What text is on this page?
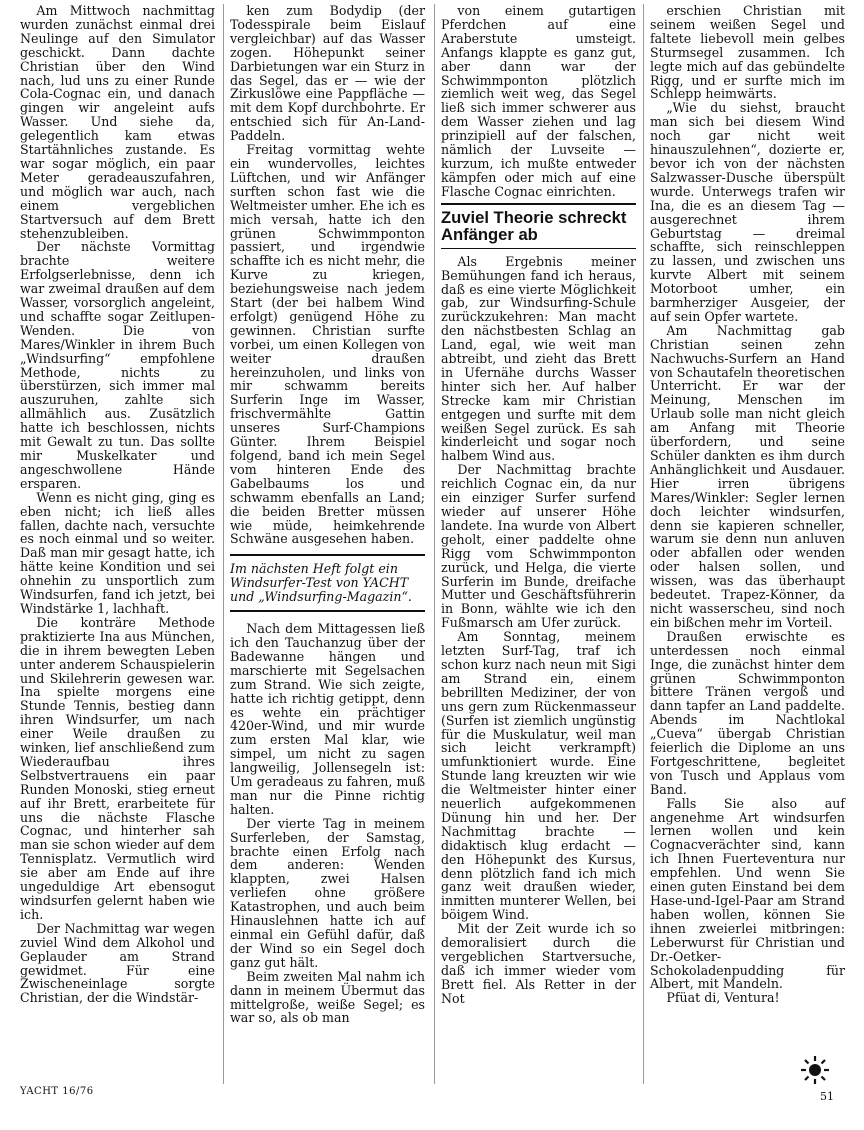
Am Mittwoch nachmittag wurden zunächst einmal drei Neulinge auf den Simulator geschickt. Dann dachte Christian über den Wind nach, lud uns zu einer Runde Cola-Cognac ein, und danach gingen wir angeleint aufs Wasser. Und siehe da, gelegentlich kam etwas Startähnliches zustande. Es war sogar möglich, ein paar Meter geradeauszufahren, und möglich war auch, nach einem vergeblichen Startversuch auf dem Brett stehenzubleiben.

Der nächste Vormittag brachte weitere Erfolgserlebnisse, denn ich war zweimal draußen auf dem Wasser, vorsorglich angeleint, und schaffte sogar Zeitlupen-Wenden. Die von Mares/Winkler in ihrem Buch „Windsurfing“ empfohlene Methode, nichts zu überstürzen, sich immer mal auszuruhen, zahlte sich allmählich aus. Zusätzlich hatte ich beschlossen, nichts mit Gewalt zu tun. Das sollte mir Muskelkater und angeschwollene Hände ersparen.

Wenn es nicht ging, ging es eben nicht; ich ließ alles fallen, dachte nach, versuchte es noch einmal und so weiter. Daß man mir gesagt hatte, ich hätte keine Kondition und sei ohnehin zu unsportlich zum Windsurfen, fand ich jetzt, bei Windstärke 1, lachhaft.

Die konträre Methode praktizierte Ina aus München, die in ihrem bewegten Leben unter anderem Schauspielerin und Skilehrerin gewesen war. Ina spielte morgens eine Stunde Tennis, bestieg dann ihren Windsurfer, um nach einer Weile draußen zu winken, lief anschließend zum Wiederaufbau ihres Selbstvertrauens ein paar Runden Monoski, stieg erneut auf ihr Brett, erarbeitete für uns die nächste Flasche Cognac, und hinterher sah man sie schon wieder auf dem Tennisplatz. Vermutlich wird sie aber am Ende auf ihre ungeduldige Art ebensogut windsurfen gelernt haben wie ich.

Der Nachmittag war wegen zuviel Wind dem Alkohol und Geplauder am Strand gewidmet. Für eine Zwischeneinlage sorgte Christian, der die Windstär-

ken zum Bodydip (der Todesspirale beim Eislauf vergleichbar) auf das Wasser zogen. Höhepunkt seiner Darbietungen war ein Sturz in das Segel, das er — wie der Zirkuslöwe eine Pappfläche — mit dem Kopf durchbohrte. Er entschied sich für An-Land-Paddeln.

Freitag vormittag wehte ein wundervolles, leichtes Lüftchen, und wir Anfänger surften schon fast wie die Weltmeister umher. Ehe ich es mich versah, hatte ich den grünen Schwimmponton passiert, und irgendwie schaffte ich es nicht mehr, die Kurve zu kriegen, beziehungsweise nach jedem Start (der bei halbem Wind erfolgt) genügend Höhe zu gewinnen. Christian surfte vorbei, um einen Kollegen von weiter draußen hereinzuholen, und links von mir schwamm bereits Surferin Inge im Wasser, frischvermählte Gattin unseres Surf-Champions Günter. Ihrem Beispiel folgend, band ich mein Segel vom hinteren Ende des Gabelbaums los und schwamm ebenfalls an Land; die beiden Bretter müssen wie müde, heimkehrende Schwäne ausgesehen haben.

Im nächsten Heft folgt ein Windsurfer-Test von YACHT und „Windsurfing-Magazin“.

Nach dem Mittagessen ließ ich den Tauchanzug über der Badewanne hängen und marschierte mit Segelsachen zum Strand. Wie sich zeigte, hatte ich richtig getippt, denn es wehte ein prächtiger 420er-Wind, und mir wurde zum ersten Mal klar, wie simpel, um nicht zu sagen langweilig, Jollensegeln ist: Um geradeaus zu fahren, muß man nur die Pinne richtig halten.

Der vierte Tag in meinem Surferleben, der Samstag, brachte einen Erfolg nach dem anderen: Wenden klappten, zwei Halsen verliefen ohne größere Katastrophen, und auch beim Hinauslehnen hatte ich auf einmal ein Gefühl dafür, daß der Wind so ein Segel doch ganz gut hält.

Beim zweiten Mal nahm ich dann in meinem Übermut das mittelgroße, weiße Segel; es war so, als ob man

von einem gutartigen Pferdchen auf eine Araberstute umsteigt. Anfangs klappte es ganz gut, aber dann war der Schwimmponton plötzlich ziemlich weit weg, das Segel ließ sich immer schwerer aus dem Wasser ziehen und lag prinzipiell auf der falschen, nämlich der Luvseite — kurzum, ich mußte entweder kämpfen oder mich auf eine Flasche Cognac einrichten.

Zuviel Theorie schreckt Anfänger ab

Als Ergebnis meiner Bemühungen fand ich heraus, daß es eine vierte Möglichkeit gab, zur Windsurfing-Schule zurückzukehren: Man macht den nächstbesten Schlag an Land, egal, wie weit man abtreibt, und zieht das Brett in Ufernähe durchs Wasser hinter sich her. Auf halber Strecke kam mir Christian entgegen und surfte mit dem weißen Segel zurück. Es sah kinderleicht und sogar noch halbem Wind aus.

Der Nachmittag brachte reichlich Cognac ein, da nur ein einziger Surfer surfend wieder auf unserer Höhe landete. Ina wurde von Albert geholt, einer paddelte ohne Rigg vom Schwimmponton zurück, und Helga, die vierte Surferin im Bunde, dreifache Mutter und Geschäftsführerin in Bonn, wählte wie ich den Fußmarsch am Ufer zurück.

Am Sonntag, meinem letzten Surf-Tag, traf ich schon kurz nach neun mit Sigi am Strand ein, einem bebrillten Mediziner, der von uns gern zum Rückenmasseur (Surfen ist ziemlich ungünstig für die Muskulatur, weil man sich leicht verkrampft) umfunktioniert wurde. Eine Stunde lang kreuzten wir wie die Weltmeister hinter einer neuerlich aufgekommenen Dünung hin und her. Der Nachmittag brachte — didaktisch klug erdacht — den Höhepunkt des Kursus, denn plötzlich fand ich mich ganz weit draußen wieder, inmitten munterer Wellen, bei böigem Wind.

Mit der Zeit wurde ich so demoralisiert durch die vergeblichen Startversuche, daß ich immer wieder vom Brett fiel. Als Retter in der Not

erschien Christian mit seinem weißen Segel und faltete liebevoll mein gelbes Sturmsegel zusammen. Ich legte mich auf das gebündelte Rigg, und er surfte mich im Schlepp heimwärts.

„Wie du siehst, braucht man sich bei diesem Wind noch gar nicht weit hinauszulehnen“, dozierte er, bevor ich von der nächsten Salzwasser-Dusche überspült wurde. Unterwegs trafen wir Ina, die es an diesem Tag — ausgerechnet ihrem Geburtstag — dreimal schaffte, sich reinschleppen zu lassen, und zwischen uns kurvte Albert mit seinem Motorboot umher, ein barmherziger Ausgeier, der auf sein Opfer wartete.

Am Nachmittag gab Christian seinen zehn Nachwuchs-Surfern an Hand von Schautafeln theoretischen Unterricht. Er war der Meinung, Menschen im Urlaub solle man nicht gleich am Anfang mit Theorie überfordern, und seine Schüler dankten es ihm durch Anhänglichkeit und Ausdauer. Hier irren übrigens Mares/Winkler: Segler lernen doch leichter windsurfen, denn sie kapieren schneller, warum sie denn nun anluven oder abfallen oder wenden oder halsen sollen, und wissen, was das überhaupt bedeutet. Trapez-Könner, da nicht wasserscheu, sind noch ein bißchen mehr im Vorteil.

Draußen erwischte es unterdessen noch einmal Inge, die zunächst hinter dem grünen Schwimmponton bittere Tränen vergoß und dann tapfer an Land paddelte. Abends im Nachtlokal „Cueva“ übergab Christian feierlich die Diplome an uns Fortgeschrittene, begleitet von Tusch und Applaus vom Band.

Falls Sie also auf angenehme Art windsurfen lernen wollen und kein Cognacverächter sind, kann ich Ihnen Fuerteventura nur empfehlen. Und wenn Sie einen guten Einstand bei dem Hase-und-Igel-Paar am Strand haben wollen, können Sie ihnen zweierlei mitbringen: Leberwurst für Christian und Dr.-Oetker-Schokoladenpudding für Albert, mit Mandeln.

Pfüat di, Ventura!

YACHT 16/76	51
